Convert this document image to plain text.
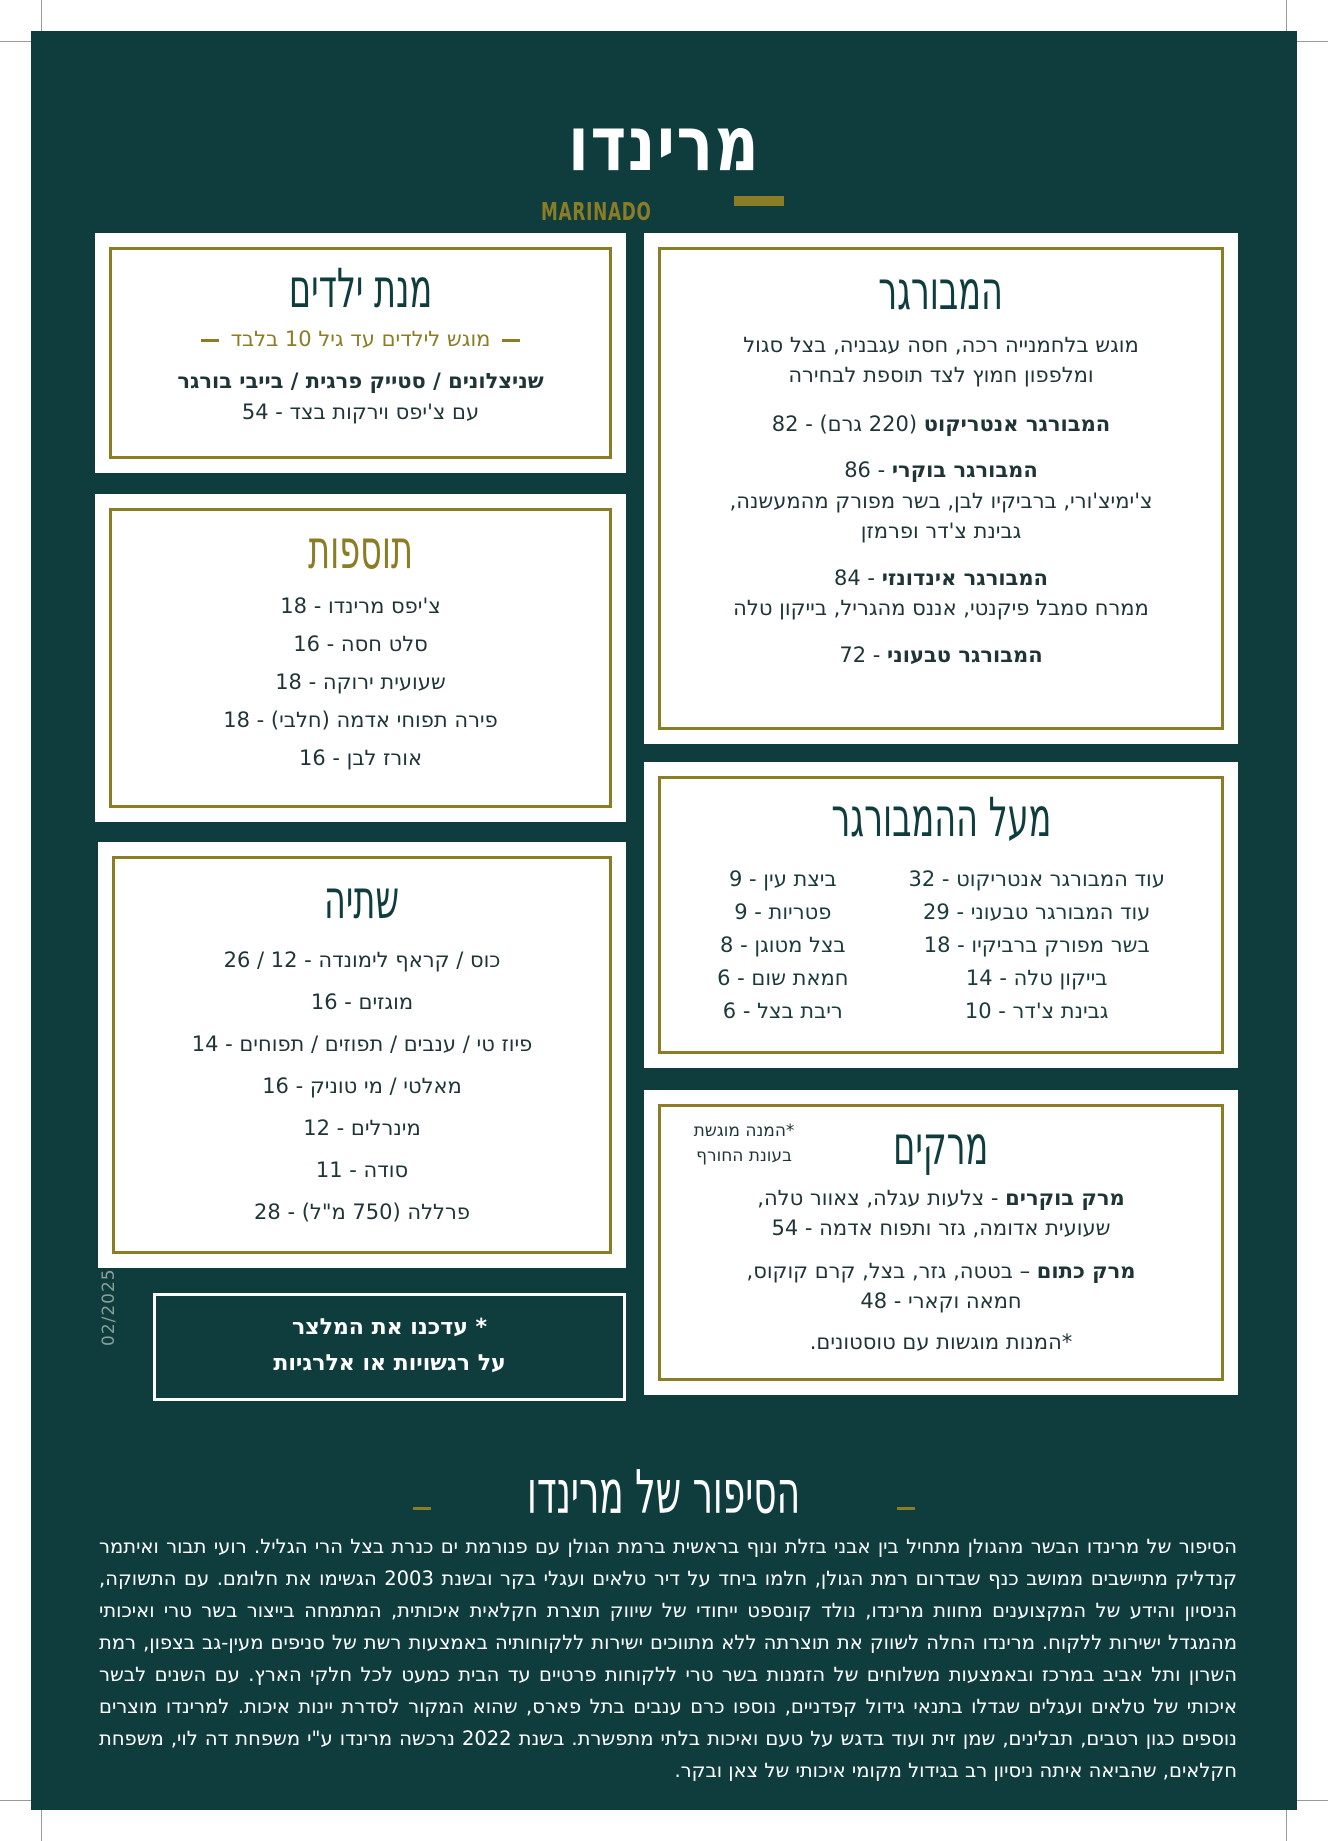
מרינדו
MARINADO
המבורגר
מוגש בלחמנייה רכה, חסה עגבניה, בצל סגול
ומלפפון חמוץ לצד תוספת לבחירה
המבורגר אנטריקוט (220 גרם) - 82
המבורגר בוקרי - 86
צ'ימיצ'ורי, ברביקיו לבן, בשר מפורק מהמעשנה,
גבינת צ'דר ופרמזן
המבורגר אינדונזי - 84
ממרח סמבל פיקנטי, אננס מהגריל, בייקון טלה
המבורגר טבעוני - 72
מנת ילדים
מוגש לילדים עד גיל 10 בלבד
שניצלונים / סטייק פרגית / בייבי בורגר
עם צ'יפס וירקות בצד - 54
תוספות
צ'יפס מרינדו - 18
סלט חסה - 16
שעועית ירוקה - 18
פירה תפוחי אדמה (חלבי) - 18
אורז לבן - 16
מעל ההמבורגר
עוד המבורגר אנטריקוט - 32
עוד המבורגר טבעוני - 29
בשר מפורק ברביקיו - 18
בייקון טלה - 14
גבינת צ'דר - 10
ביצת עין - 9
פטריות - 9
בצל מטוגן - 8
חמאת שום - 6
ריבת בצל - 6
שתיה
כוס / קראף לימונדה - 12 / 26
מוגזים - 16
פיוז טי / ענבים / תפוזים / תפוחים - 14
מאלטי / מי טוניק - 16
מינרלים - 12
סודה - 11
פרללה (750 מ"ל) - 28
*המנה מוגשת
בעונת החורף	מרקים
מרק בוקרים - צלעות עגלה, צאוור טלה,
שעועית אדומה, גזר ותפוח אדמה - 54
מרק כתום – בטטה, גזר, בצל, קרם קוקוס,
חמאה וקארי - 48
*המנות מוגשות עם טוסטונים.
* עדכנו את המלצר
על רגשויות או אלרגיות
02/2025
הסיפור של מרינדו
הסיפור של מרינדו הבשר מהגולן מתחיל בין אבני בזלת ונוף בראשית ברמת הגולן עם פנורמת ים כנרת בצל הרי הגליל. רועי תבור ואיתמר קנדליק מתיישבים ממושב כנף שבדרום רמת הגולן, חלמו ביחד על דיר טלאים ועגלי בקר ובשנת 2003 הגשימו את חלומם. עם התשוקה, הניסיון והידע של המקצוענים מחוות מרינדו, נולד קונספט ייחודי של שיווק תוצרת חקלאית איכותית, המתמחה בייצור בשר טרי ואיכותי מהמגדל ישירות ללקוח. מרינדו החלה לשווק את תוצרתה ללא מתווכים ישירות ללקוחותיה באמצעות רשת של סניפים מעין-גב בצפון, רמת השרון ותל אביב במרכז ובאמצעות משלוחים של הזמנות בשר טרי ללקוחות פרטיים עד הבית כמעט לכל חלקי הארץ. עם השנים לבשר איכותי של טלאים ועגלים שגדלו בתנאי גידול קפדניים, נוספו כרם ענבים בתל פארס, שהוא המקור לסדרת יינות איכות. למרינדו מוצרים נוספים כגון רטבים, תבלינים, שמן זית ועוד בדגש על טעם ואיכות בלתי מתפשרת. בשנת 2022 נרכשה מרינדו ע"י משפחת דה לוי, משפחת חקלאים, שהביאה איתה ניסיון רב בגידול מקומי איכותי של צאן ובקר.
